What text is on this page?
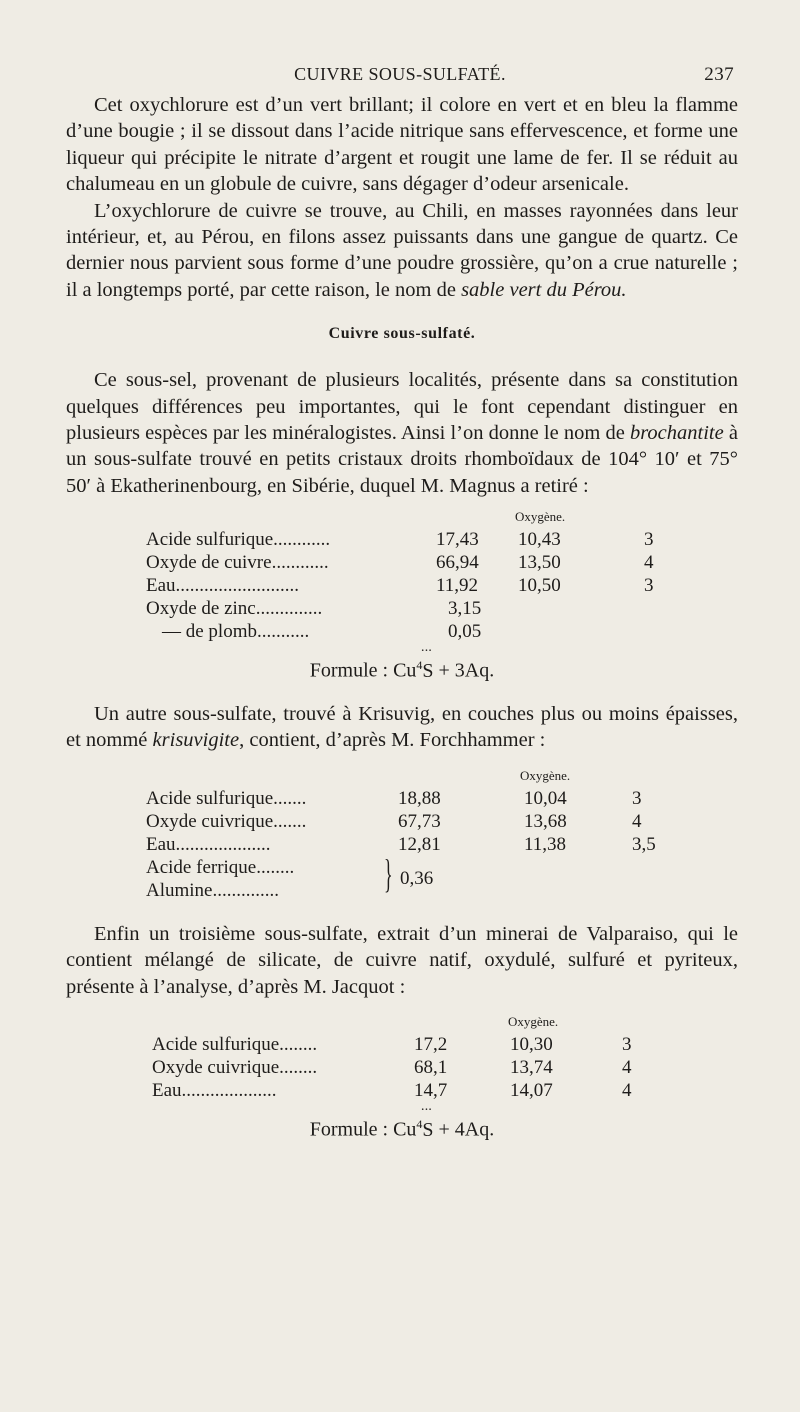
CUIVRE SOUS-SULFATÉ.	237

Cet oxychlorure est d’un vert brillant; il colore en vert et en bleu la flamme d’une bougie ; il se dissout dans l’acide nitrique sans effervescence, et forme une liqueur qui précipite le nitrate d’argent et rougit une lame de fer. Il se réduit au chalumeau en un globule de cuivre, sans dégager d’odeur arsenicale.

L’oxychlorure de cuivre se trouve, au Chili, en masses rayonnées dans leur intérieur, et, au Pérou, en filons assez puissants dans une gangue de quartz. Ce dernier nous parvient sous forme d’une poudre grossière, qu’on a crue naturelle ; il a longtemps porté, par cette raison, le nom de sable vert du Pérou.

Cuivre sous-sulfaté.

Ce sous-sel, provenant de plusieurs localités, présente dans sa constitution quelques différences peu importantes, qui le font cependant distinguer en plusieurs espèces par les minéralogistes. Ainsi l’on donne le nom de brochantite à un sous-sulfate trouvé en petits cristaux droits rhomboïdaux de 104° 10′ et 75° 50′ à Ekatherinenbourg, en Sibérie, duquel M. Magnus a retiré :

Oxygène.
Acide sulfurique............	17,43 10,43	3
Oxyde de cuivre............	66,94 13,50	4
Eau..........................	11,92 10,50	3
Oxyde de zinc..............	3,15
— de plomb...........	0,05
Formule : $Cu^4$
···
S + 3Aq.

Un autre sous-sulfate, trouvé à Krisuvig, en couches plus ou moins épaisses, et nommé krisuvigite, contient, d’après M. Forchhammer :

Oxygène.
Acide sulfurique.......	18,88	10,04	3
Oxyde cuivrique.......	67,73	13,68	4
Eau....................	12,81	11,38	3,5
Acide ferrique........
Alumine..............	} 0,36

Enfin un troisième sous-sulfate, extrait d’un minerai de Valparaiso, qui le contient mélangé de silicate, de cuivre natif, oxydulé, sulfuré et pyriteux, présente à l’analyse, d’après M. Jacquot :

Oxygène.
Acide sulfurique........	17,2	10,30	3
Oxyde cuivrique........	68,1	13,74	4
Eau....................	14,7	14,07	4
Formule : $Cu^4$
···
S + 4Aq.
